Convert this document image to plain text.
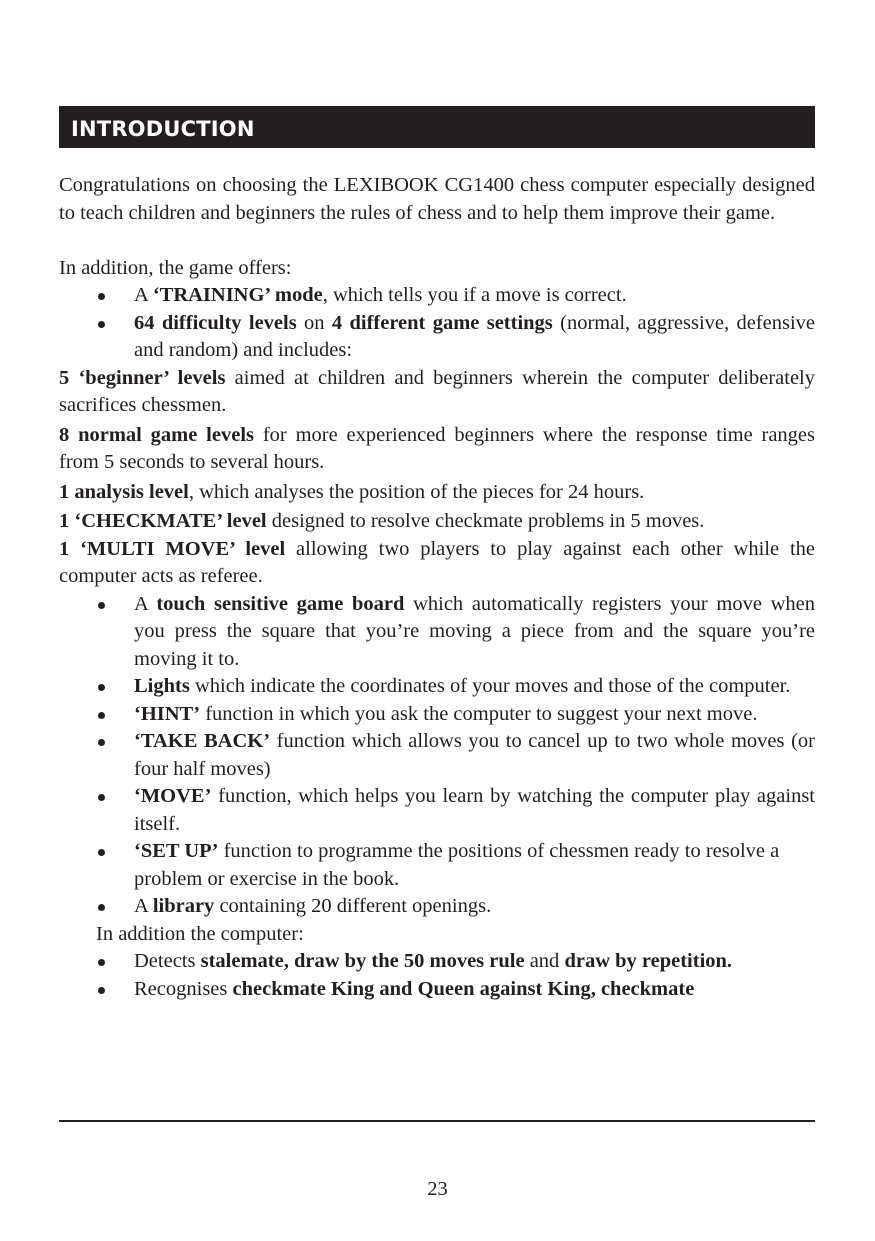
INTRODUCTION

Congratulations on choosing the LEXIBOOK CG1400 chess computer especially designed to teach children and beginners the rules of chess and to help them improve their game.

In addition, the game offers:

A ‘TRAINING’ mode, which tells you if a move is correct.
64 difficulty levels on 4 different game settings (normal, aggressive, defensive and random) and includes:

5 ‘beginner’ levels aimed at children and beginners wherein the computer deliberately sacrifices chessmen.

8 normal game levels for more experienced beginners where the response time ranges from 5 seconds to several hours.

1 analysis level, which analyses the position of the pieces for 24 hours.

1 ‘CHECKMATE’ level designed to resolve checkmate problems in 5 moves.

1 ‘MULTI MOVE’ level allowing two players to play against each other while the computer acts as referee.

A touch sensitive game board which automatically registers your move when you press the square that you’re moving a piece from and the square you’re moving it to.
Lights which indicate the coordinates of your moves and those of the computer.
‘HINT’ function in which you ask the computer to suggest your next move.
‘TAKE BACK’ function which allows you to cancel up to two whole moves (or four half moves)
‘MOVE’ function, which helps you learn by watching the computer play against itself.
‘SET UP’ function to programme the positions of chessmen ready to resolve a problem or exercise in the book.
A library containing 20 different openings.

In addition the computer:

Detects stalemate, draw by the 50 moves rule and draw by repetition.
Recognises checkmate King and Queen against King, checkmate
23
